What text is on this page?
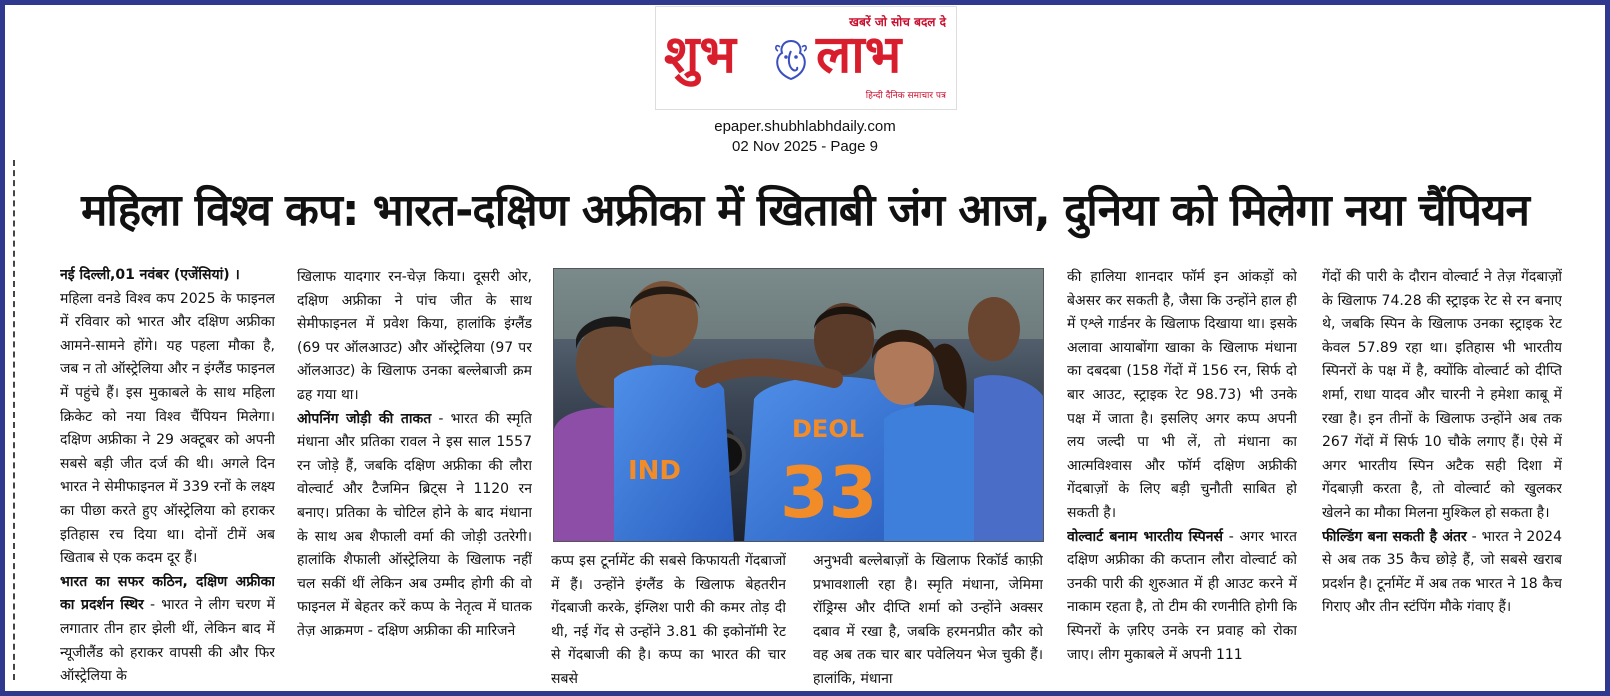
खबरें जो सोच बदल दे
शुभ लाभ
हिन्दी दैनिक समाचार पत्र
epaper.shubhlabhdaily.com
02 Nov 2025 - Page 9
महिला विश्व कप: भारत-दक्षिण अफ्रीका में खिताबी जंग आज, दुनिया को मिलेगा नया चैंपियन

नई दिल्ली,01 नवंबर (एजेंसियां) ।

महिला वनडे विश्व कप 2025 के फाइनल में रविवार को भारत और दक्षिण अफ्रीका आमने-सामने होंगे। यह पहला मौका है, जब न तो ऑस्ट्रेलिया और न इंग्लैंड फाइनल में पहुंचे हैं। इस मुकाबले के साथ महिला क्रिकेट को नया विश्व चैंपियन मिलेगा। दक्षिण अफ्रीका ने 29 अक्टूबर को अपनी सबसे बड़ी जीत दर्ज की थी। अगले दिन भारत ने सेमीफाइनल में 339 रनों के लक्ष्य का पीछा करते हुए ऑस्ट्रेलिया को हराकर इतिहास रच दिया था। दोनों टीमें अब खिताब से एक कदम दूर हैं।

भारत का सफर कठिन, दक्षिण अफ्रीका का प्रदर्शन स्थिर - भारत ने लीग चरण में लगातार तीन हार झेली थीं, लेकिन बाद में न्यूजीलैंड को हराकर वापसी की और फिर ऑस्ट्रेलिया के

खिलाफ यादगार रन-चेज़ किया। दूसरी ओर, दक्षिण अफ्रीका ने पांच जीत के साथ सेमीफाइनल में प्रवेश किया, हालांकि इंग्लैंड (69 पर ऑलआउट) और ऑस्ट्रेलिया (97 पर ऑलआउट) के खिलाफ उनका बल्लेबाजी क्रम ढह गया था।

ओपनिंग जोड़ी की ताकत - भारत की स्मृति मंधाना और प्रतिका रावल ने इस साल 1557 रन जोड़े हैं, जबकि दक्षिण अफ्रीका की लौरा वोल्वार्ट और टैजमिन ब्रिट्स ने 1120 रन बनाए। प्रतिका के चोटिल होने के बाद मंधाना के साथ अब शैफाली वर्मा की जोड़ी उतरेगी। हालांकि शैफाली ऑस्ट्रेलिया के खिलाफ नहीं चल सकीं थीं लेकिन अब उम्मीद होगी की वो फाइनल में बेहतर करें कप्प के नेतृत्व में घातक तेज़ आक्रमण - दक्षिण अफ्रीका की मारिजने

IND
DEOL
33

कप्प इस टूर्नामेंट की सबसे किफायती गेंदबाजों में हैं। उन्होंने इंग्लैंड के खिलाफ बेहतरीन गेंदबाजी करके, इंग्लिश पारी की कमर तोड़ दी थी, नई गेंद से उन्होंने 3.81 की इकोनॉमी रेट से गेंदबाजी की है। कप्प का भारत की चार सबसे

अनुभवी बल्लेबाज़ों के खिलाफ रिकॉर्ड काफ़ी प्रभावशाली रहा है। स्मृति मंधाना, जेमिमा रॉड्रिग्स और दीप्ति शर्मा को उन्होंने अक्सर दबाव में रखा है, जबकि हरमनप्रीत कौर को वह अब तक चार बार पवेलियन भेज चुकी हैं। हालांकि, मंधाना

की हालिया शानदार फॉर्म इन आंकड़ों को बेअसर कर सकती है, जैसा कि उन्होंने हाल ही में एश्ले गार्डनर के खिलाफ दिखाया था। इसके अलावा आयाबोंगा खाका के खिलाफ मंधाना का दबदबा (158 गेंदों में 156 रन, सिर्फ दो बार आउट, स्ट्राइक रेट 98.73) भी उनके पक्ष में जाता है। इसलिए अगर कप्प अपनी लय जल्दी पा भी लें, तो मंधाना का आत्मविश्वास और फॉर्म दक्षिण अफ्रीकी गेंदबाज़ों के लिए बड़ी चुनौती साबित हो सकती है।

वोल्वार्ट बनाम भारतीय स्पिनर्स - अगर भारत दक्षिण अफ्रीका की कप्तान लौरा वोल्वार्ट को उनकी पारी की शुरुआत में ही आउट करने में नाकाम रहता है, तो टीम की रणनीति होगी कि स्पिनरों के ज़रिए उनके रन प्रवाह को रोका जाए। लीग मुकाबले में अपनी 111

गेंदों की पारी के दौरान वोल्वार्ट ने तेज़ गेंदबाज़ों के खिलाफ 74.28 की स्ट्राइक रेट से रन बनाए थे, जबकि स्पिन के खिलाफ उनका स्ट्राइक रेट केवल 57.89 रहा था। इतिहास भी भारतीय स्पिनरों के पक्ष में है, क्योंकि वोल्वार्ट को दीप्ति शर्मा, राधा यादव और चारनी ने हमेशा काबू में रखा है। इन तीनों के खिलाफ उन्होंने अब तक 267 गेंदों में सिर्फ 10 चौके लगाए हैं। ऐसे में अगर भारतीय स्पिन अटैक सही दिशा में गेंदबाज़ी करता है, तो वोल्वार्ट को खुलकर खेलने का मौका मिलना मुश्किल हो सकता है।

फील्डिंग बना सकती है अंतर - भारत ने 2024 से अब तक 35 कैच छोड़े हैं, जो सबसे खराब प्रदर्शन है। टूर्नामेंट में अब तक भारत ने 18 कैच गिराए और तीन स्टंपिंग मौके गंवाए हैं।
